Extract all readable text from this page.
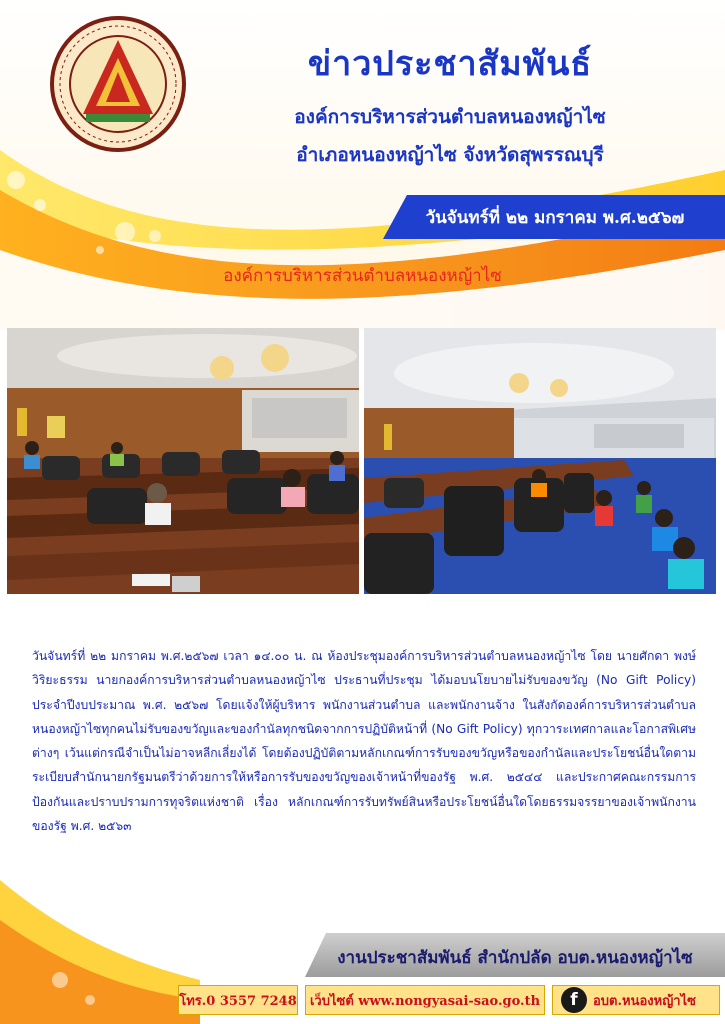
ข่าวประชาสัมพันธ์
องค์การบริหารส่วนตำบลหนองหญ้าไซ
อำเภอหนองหญ้าไซ จังหวัดสุพรรณบุรี
วันจันทร์ที่ ๒๒ มกราคม พ.ศ.๒๕๖๗
องค์การบริหารส่วนตำบลหนองหญ้าไซ
วันจันทร์ที่ ๒๒ มกราคม พ.ศ.๒๕๖๗ เวลา ๑๔.๐๐ น. ณ ห้องประชุมองค์การบริหารส่วนตำบลหนองหญ้าไซ โดย นายศักดา พงษ์วิริยะธรรม นายกองค์การบริหารส่วนตำบลหนองหญ้าไซ ประธานที่ประชุม ได้มอบนโยบายไม่รับของขวัญ (No Gift Policy) ประจำปีงบประมาณ พ.ศ. ๒๕๖๗ โดยแจ้งให้ผู้บริหาร พนักงานส่วนตำบล และพนักงานจ้าง ในสังกัดองค์การบริหารส่วนตำบลหนองหญ้าไซทุกคนไม่รับของขวัญและของกำนัลทุกชนิดจากการปฏิบัติหน้าที่ (No Gift Policy) ทุกวาระเทศกาลและโอกาสพิเศษต่างๆ เว้นแต่กรณีจำเป็นไม่อาจหลีกเลี่ยงได้ โดยต้องปฏิบัติตามหลักเกณฑ์การรับของขวัญหรือของกำนัลและประโยชน์อื่นใดตามระเบียบสำนักนายกรัฐมนตรีว่าด้วยการให้หรือการรับของขวัญของเจ้าหน้าที่ของรัฐ พ.ศ. ๒๕๔๔ และประกาศคณะกรรมการป้องกันและปราบปรามการทุจริตแห่งชาติ เรื่อง หลักเกณฑ์การรับทรัพย์สินหรือประโยชน์อื่นใดโดยธรรมจรรยาของเจ้าพนักงานของรัฐ พ.ศ. ๒๕๖๓
งานประชาสัมพันธ์ สำนักปลัด อบต.หนองหญ้าไซ
โทร.0 3557 7248 เว็บไซต์ www.nongyasai-sao.go.th	f	อบต.หนองหญ้าไซ
